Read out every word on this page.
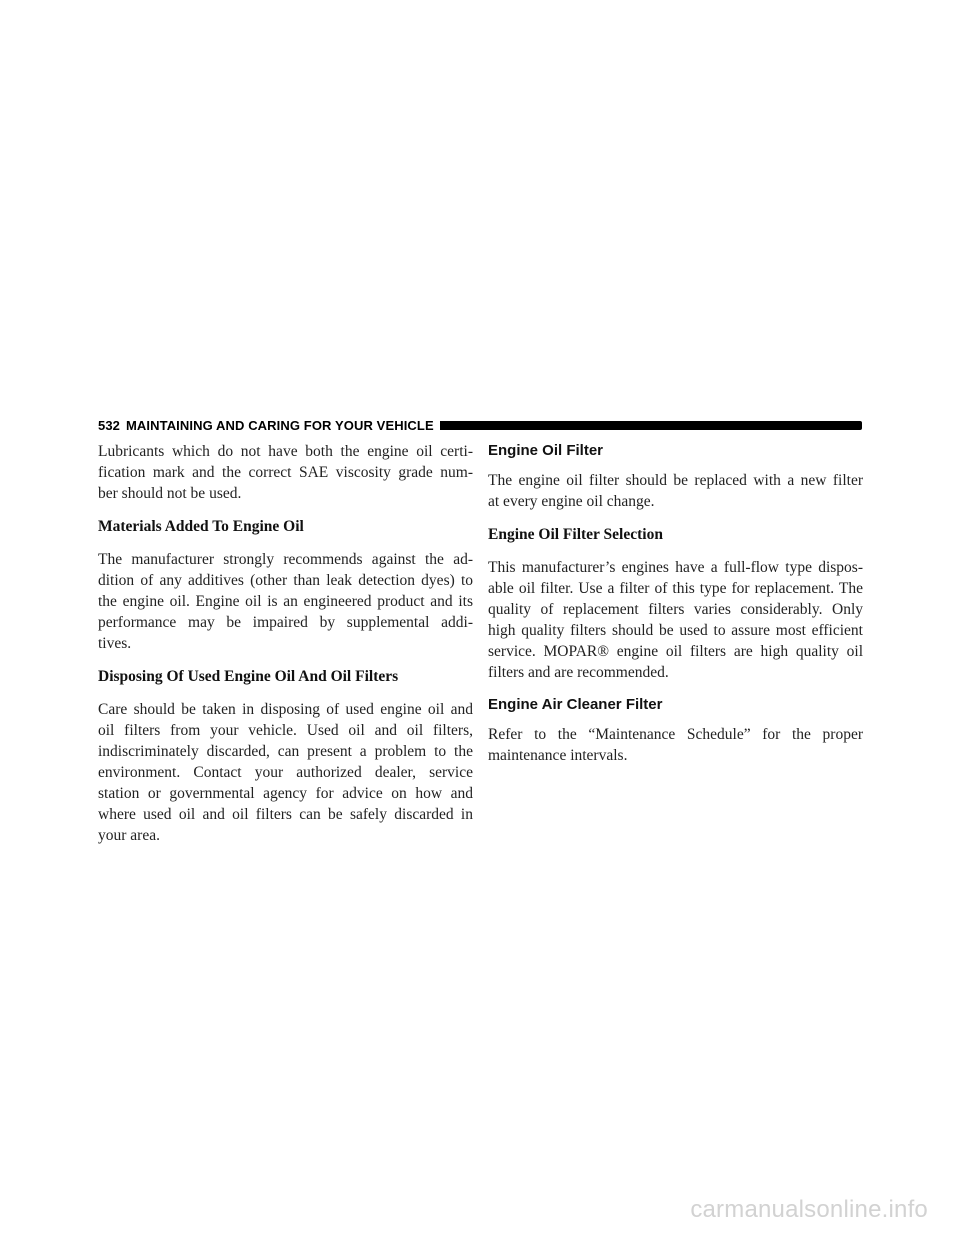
532 MAINTAINING AND CARING FOR YOUR VEHICLE

Lubricants which do not have both the engine oil certi-
fication mark and the correct SAE viscosity grade num-
ber should not be used.

Materials Added To Engine Oil

The manufacturer strongly recommends against the ad-
dition of any additives (other than leak detection dyes) to
the engine oil. Engine oil is an engineered product and its
performance may be impaired by supplemental addi-
tives.

Disposing Of Used Engine Oil And Oil Filters

Care should be taken in disposing of used engine oil and
oil filters from your vehicle. Used oil and oil filters,
indiscriminately discarded, can present a problem to the
environment. Contact your authorized dealer, service
station or governmental agency for advice on how and
where used oil and oil filters can be safely discarded in
your area.

Engine Oil Filter

The engine oil filter should be replaced with a new filter
at every engine oil change.

Engine Oil Filter Selection

This manufacturer’s engines have a full-flow type dispos-
able oil filter. Use a filter of this type for replacement. The
quality of replacement filters varies considerably. Only
high quality filters should be used to assure most efficient
service. MOPAR® engine oil filters are high quality oil
filters and are recommended.

Engine Air Cleaner Filter

Refer to the “Maintenance Schedule” for the proper
maintenance intervals.

carmanualsonline.info
